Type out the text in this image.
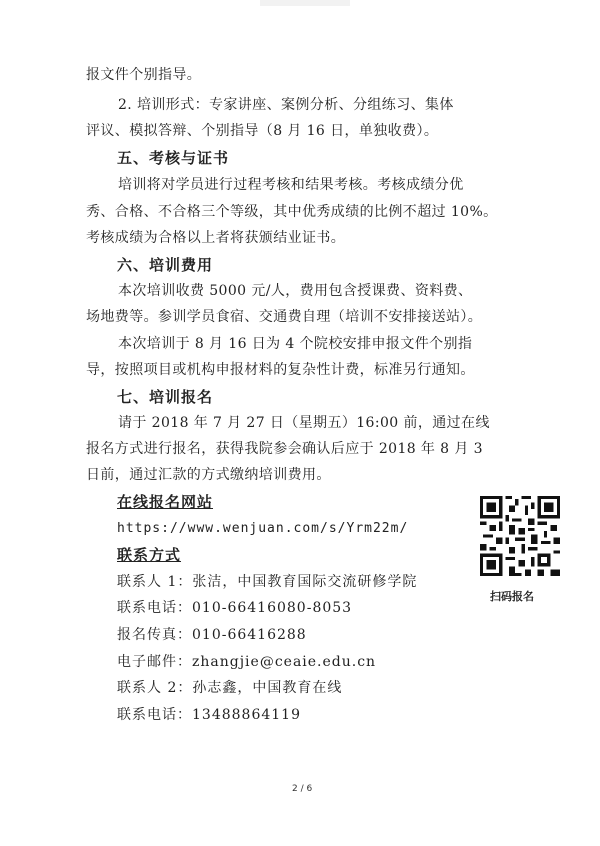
报文件个别指导。
2. 培训形式：专家讲座、案例分析、分组练习、集体
评议、模拟答辩、个别指导（8 月 16 日，单独收费）。
五、考核与证书
培训将对学员进行过程考核和结果考核。考核成绩分优
秀、合格、不合格三个等级，其中优秀成绩的比例不超过 10%。
考核成绩为合格以上者将获颁结业证书。
六、培训费用
本次培训收费 5000 元/人，费用包含授课费、资料费、
场地费等。参训学员食宿、交通费自理（培训不安排接送站）。
本次培训于 8 月 16 日为 4 个院校安排申报文件个别指
导，按照项目或机构申报材料的复杂性计费，标准另行通知。
七、培训报名
请于 2018 年 7 月 27 日（星期五）16:00 前，通过在线
报名方式进行报名，获得我院参会确认后应于 2018 年 8 月 3
日前，通过汇款的方式缴纳培训费用。
在线报名网站
https://www.wenjuan.com/s/Yrm22m/
联系方式
联系人 1：张洁，中国教育国际交流研修学院
联系电话：010-66416080-8053
报名传真：010-66416288
电子邮件：zhangjie@ceaie.edu.cn
联系人 2：孙志鑫，中国教育在线
联系电话：13488864119
扫码报名
2 / 6
